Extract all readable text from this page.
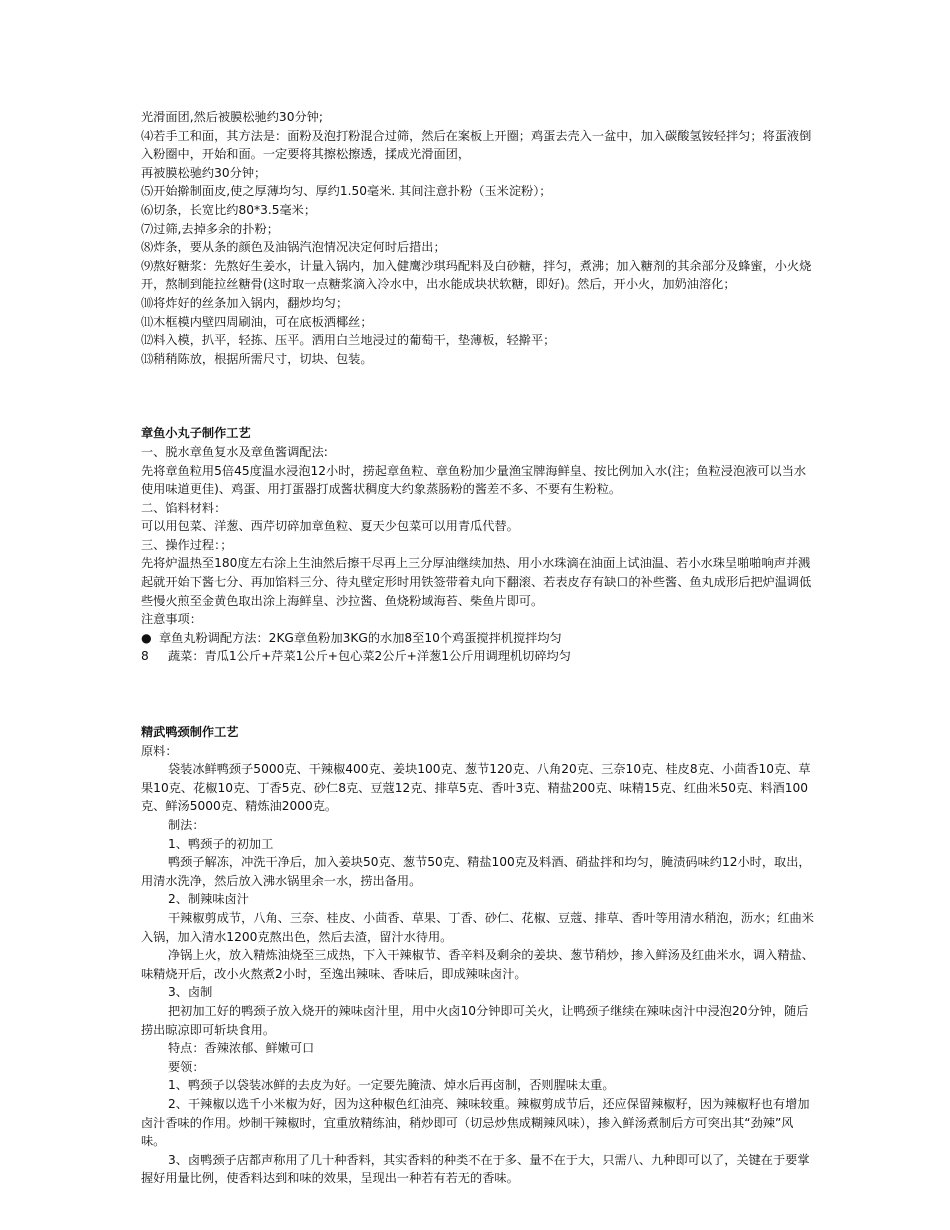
光滑面团,然后被膜松驰约30分钟;
⑷若手工和面，其方法是：面粉及泡打粉混合过筛，然后在案板上开圈；鸡蛋去壳入一盆中，加入碳酸氢铵轻拌匀；将蛋液倒入粉圈中，开始和面。一定要将其擦松擦透，揉成光滑面团，
再被膜松驰约30分钟；
⑸开始擀制面皮,使之厚薄均匀、厚约1.50毫米. 其间注意扑粉（玉米淀粉）；
⑹切条，长宽比约80*3.5毫米；
⑺过筛,去掉多余的扑粉；
⑻炸条，要从条的颜色及油锅汽泡情况决定何时后措出；
⑼熬好糖浆：先熬好生姜水，计量入锅内，加入健鹰沙琪玛配料及白砂糖，拌匀，煮沸；加入糖剂的其余部分及蜂蜜，小火烧开，熬制到能拉丝糖骨(这时取一点糖浆滴入冷水中，出水能成块状软糖，即好)。然后，开小火，加奶油溶化；
⑽将炸好的丝条加入锅内，翻炒均匀；
⑾木框模内壁四周刷油，可在底板洒椰丝；
⑿料入模，扒平，轻拣、压平。洒用白兰地浸过的葡萄干，垫薄板，轻擀平；
⒀稍稍陈放，根据所需尺寸，切块、包装。
章鱼小丸子制作工艺
一、脱水章鱼复水及章鱼酱调配法:
先将章鱼粒用5倍45度温水浸泡12小时，捞起章鱼粒、章鱼粉加少量渔宝牌海鲜皇、按比例加入水(注；鱼粒浸泡液可以当水使用味道更佳)、鸡蛋、用打蛋器打成酱状稠度大约象蒸肠粉的酱差不多、不要有生粉粒。
二、馅料材料：
可以用包菜、洋葱、西芹切碎加章鱼粒、夏天少包菜可以用青瓜代替。
三、操作过程：；
先将炉温热至180度左右涂上生油然后擦干尽再上三分厚油继续加热、用小水珠滴在油面上试油温、若小水珠呈啪啪响声并溅起就开始下酱七分、再加馅料三分、待丸壁定形时用铁签带着丸向下翻滚、若表皮存有缺口的补些酱、鱼丸成形后把炉温调低些慢火煎至金黄色取出涂上海鲜皇、沙拉酱、鱼烧粉域海苔、柴鱼片即可。
注意事项：
● 章鱼丸粉调配方法：2KG章鱼粉加3KG的水加8至10个鸡蛋搅拌机搅拌均匀
8 蔬菜：青瓜1公斤+芹菜1公斤+包心菜2公斤+洋葱1公斤用调理机切碎均匀
精武鸭颈制作工艺
原料：
袋装冰鲜鸭颈子5000克、干辣椒400克、姜块100克、葱节120克、八角20克、三奈10克、桂皮8克、小茴香10克、草果10克、花椒10克、丁香5克、砂仁8克、豆蔻12克、排草5克、香叶3克、精盐200克、味精15克、红曲米50克、料酒100克、鲜汤5000克、精炼油2000克。
制法：
1、鸭颈子的初加工
鸭颈子解冻，冲洗干净后，加入姜块50克、葱节50克、精盐100克及料酒、硝盐拌和均匀，腌渍码味约12小时，取出，用清水洗净，然后放入沸水锅里余一水，捞出备用。
2、制辣味卤汁
干辣椒剪成节，八角、三奈、桂皮、小茴香、草果、丁香、砂仁、花椒、豆蔻、排草、香叶等用清水稍泡，沥水；红曲米入锅，加入清水1200克熬出色，然后去渣，留汁水待用。
净锅上火，放入精炼油烧至三成热，下入干辣椒节、香辛料及剩余的姜块、葱节稍炒，掺入鲜汤及红曲米水，调入精盐、味精烧开后，改小火熬煮2小时，至逸出辣味、香味后，即成辣味卤汁。
3、卤制
把初加工好的鸭颈子放入烧开的辣味卤汁里，用中火卤10分钟即可关火，让鸭颈子继续在辣味卤汁中浸泡20分钟，随后捞出晾凉即可斩块食用。
特点：香辣浓郁、鲜嫩可口
要领：
1、鸭颈子以袋装冰鲜的去皮为好。一定要先腌渍、焯水后再卤制，否则腥味太重。
2、干辣椒以选千小米椒为好，因为这种椒色红油亮、辣味较重。辣椒剪成节后，还应保留辣椒籽，因为辣椒籽也有增加卤汁香味的作用。炒制干辣椒时，宜重放精练油，稍炒即可（切忌炒焦成糊辣风味），掺入鲜汤煮制后方可突出其“劲辣”风味。
3、卤鸭颈子店都声称用了几十种香料，其实香料的种类不在于多、量不在于大，只需八、九种即可以了，关键在于要掌握好用量比例，使香料达到和味的效果，呈现出一种若有若无的香味。
